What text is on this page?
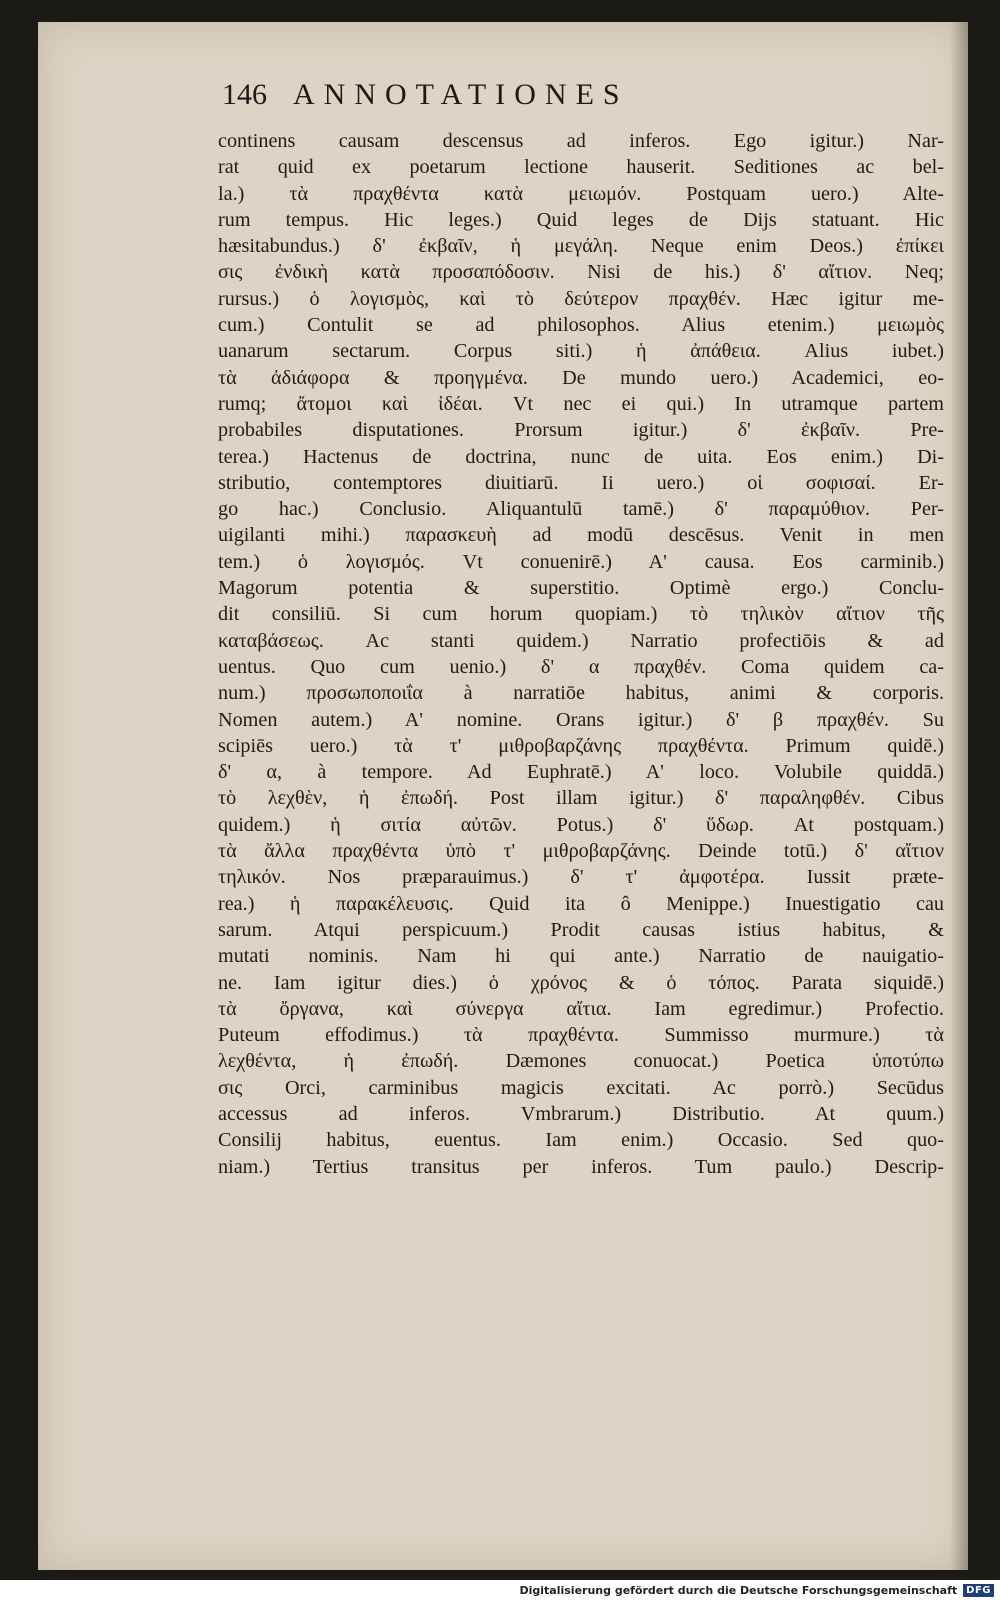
146 ANNOTATIONES
continens causam descensus ad inferos. Ego igitur.) Nar-
rat quid ex poetarum lectione hauserit. Seditiones ac bel-
la.) τὰ πραχθέντα κατὰ μειωμόν. Postquam uero.) Alte-
rum tempus. Hic leges.) Quid leges de Dijs statuant. Hic
hæsitabundus.) δ' ἐκβαῖν, ἡ μεγάλη. Neque enim Deos.) ἐπίκει
σις ἐνδικὴ κατὰ προσαπόδοσιν. Nisi de his.) δ' αἴτιον. Neq;
rursus.) ὁ λογισμὸς, καὶ τὸ δεύτερον πραχθέν. Hæc igitur me-
cum.) Contulit se ad philosophos. Alius etenim.) μειωμὸς
uanarum sectarum. Corpus siti.) ἡ ἀπάθεια. Alius iubet.)
τὰ ἀδιάφορα & προηγμένα. De mundo uero.) Academici, eo-
rumq; ἄτομοι καὶ ἰδέαι. Vt nec ei qui.) In utramque partem
probabiles disputationes. Prorsum igitur.) δ' ἐκβαῖν. Pre-
terea.) Hactenus de doctrina, nunc de uita. Eos enim.) Di-
stributio, contemptores diuitiarū. Ii uero.) οἱ σοφισαί. Er-
go hac.) Conclusio. Aliquantulū tamē.) δ' παραμύθιον. Per-
uigilanti mihi.) παρασκευὴ ad modū descēsus. Venit in men
tem.) ὁ λογισμός. Vt conuenirē.) A' causa. Eos carminib.)
Magorum potentia & superstitio. Optimè ergo.) Conclu-
dit consiliū. Si cum horum quopiam.) τὸ τηλικὸν αἴτιον τῆς
καταβάσεως. Ac stanti quidem.) Narratio profectiōis & ad
uentus. Quo cum uenio.) δ' α πραχθέν. Coma quidem ca-
num.) προσωποποιΐα à narratiōe habitus, animi & corporis.
Nomen autem.) A' nomine. Orans igitur.) δ' β πραχθέν. Su
scipiēs uero.) τὰ τ' μιθροβαρζάνης πραχθέντα. Primum quidē.)
δ' α, à tempore. Ad Euphratē.) A' loco. Volubile quiddā.)
τὸ λεχθὲν, ἡ ἐπωδή. Post illam igitur.) δ' παραληφθέν. Cibus
quidem.) ἡ σιτία αὐτῶν. Potus.) δ' ὕδωρ. At postquam.)
τὰ ἄλλα πραχθέντα ὑπὸ τ' μιθροβαρζάνης. Deinde totū.) δ' αἴτιον
τηλικόν. Nos præparauimus.) δ' τ' ἀμφοτέρα. Iussit præte-
rea.) ἡ παρακέλευσις. Quid ita ô Menippe.) Inuestigatio cau
sarum. Atqui perspicuum.) Prodit causas istius habitus, &
mutati nominis. Nam hi qui ante.) Narratio de nauigatio-
ne. Iam igitur dies.) ὁ χρόνος & ὁ τόπος. Parata siquidē.)
τὰ ὄργανα, καὶ σύνεργα αἴτια. Iam egredimur.) Profectio.
Puteum effodimus.) τὰ πραχθέντα. Summisso murmure.) τὰ
λεχθέντα, ἡ ἐπωδή. Dæmones conuocat.) Poetica ὑποτύπω
σις Orci, carminibus magicis excitati. Ac porrò.) Secūdus
accessus ad inferos. Vmbrarum.) Distributio. At quum.)
Consilij habitus, euentus. Iam enim.) Occasio. Sed quo-
niam.) Tertius transitus per inferos. Tum paulo.) Descrip-
Digitalisierung gefördert durch die Deutsche Forschungsgemeinschaft DFG
